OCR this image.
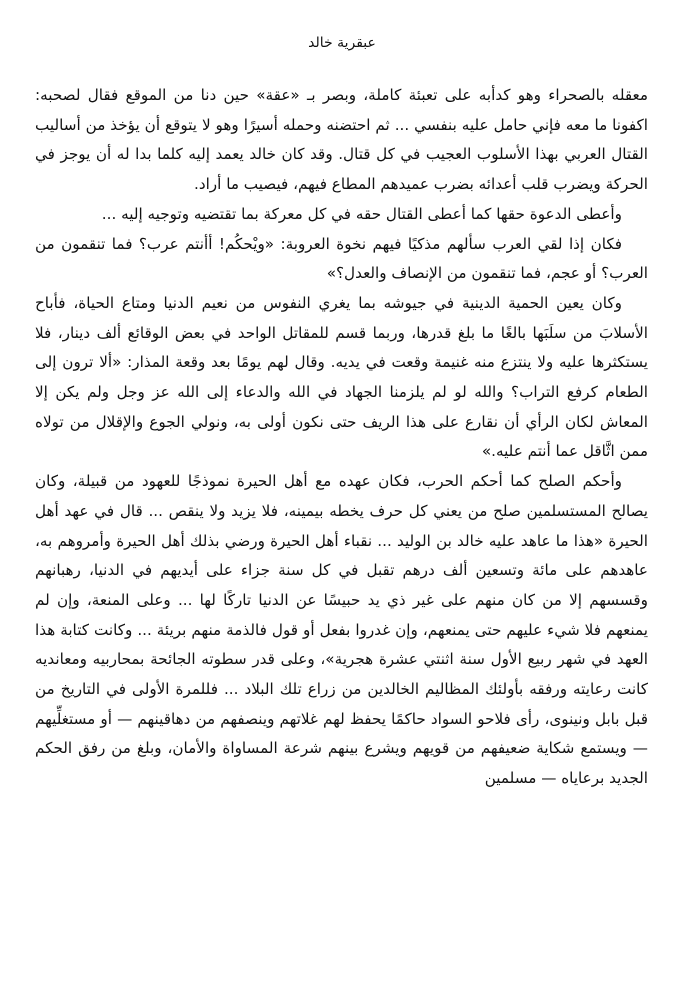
عبقرية خالد

معقله بالصحراء وهو كدأبه على تعبئة كاملة، وبصر بـ «عقة» حين دنا من الموقع فقال لصحبه: اكفونا ما معه فإني حامل عليه بنفسي ... ثم احتضنه وحمله أسيرًا وهو لا يتوقع أن يؤخذ من أساليب القتال العربي بهذا الأسلوب العجيب في كل قتال. وقد كان خالد يعمد إليه كلما بدا له أن يوجز في الحركة ويضرب قلب أعدائه بضرب عميدهم المطاع فيهم، فيصيب ما أراد.

وأعطى الدعوة حقها كما أعطى القتال حقه في كل معركة بما تقتضيه وتوجيه إليه ...

فكان إذا لقي العرب سألهم مذكيًا فيهم نخوة العروبة: «ويْحكُم! أأنتم عرب؟ فما تنقمون من العرب؟ أو عجم، فما تنقمون من الإنصاف والعدل؟»

وكان يعين الحمية الدينية في جيوشه بما يغري النفوس من نعيم الدنيا ومتاع الحياة، فأباح الأسلابَ من سلَبَها بالغًا ما بلغ قدرها، وربما قسم للمقاتل الواحد في بعض الوقائع ألف دينار، فلا يستكثرها عليه ولا ينتزع منه غنيمة وقعت في يديه. وقال لهم يومًا بعد وقعة المذار: «ألا ترون إلى الطعام كرفع التراب؟ والله لو لم يلزمنا الجهاد في الله والدعاء إلى الله عز وجل ولم يكن إلا المعاش لكان الرأي أن نقارع على هذا الريف حتى نكون أولى به، ونولي الجوع والإقلال من تولاه ممن اثَّاقل عما أنتم عليه.»

وأحكم الصلح كما أحكم الحرب، فكان عهده مع أهل الحيرة نموذجًا للعهود من قبيلة، وكان يصالح المستسلمين صلح من يعني كل حرف يخطه بيمينه، فلا يزيد ولا ينقص ... قال في عهد أهل الحيرة «هذا ما عاهد عليه خالد بن الوليد ... نقباء أهل الحيرة ورضي بذلك أهل الحيرة وأمروهم به، عاهدهم على مائة وتسعين ألف درهم تقبل في كل سنة جزاء على أيديهم في الدنيا، رهبانهم وقسسهم إلا من كان منهم على غير ذي يد حبيسًا عن الدنيا تاركًا لها ... وعلى المنعة، وإن لم يمنعهم فلا شيء عليهم حتى يمنعهم، وإن غدروا بفعل أو قول فالذمة منهم بريئة ... وكانت كتابة هذا العهد في شهر ربيع الأول سنة اثنتي عشرة هجرية»، وعلى قدر سطوته الجائحة بمحاربيه ومعانديه كانت رعايته ورفقه بأولئك المظاليم الخالدين من زراع تلك البلاد ... فللمرة الأولى في التاريخ من قبل بابل ونينوى، رأى فلاحو السواد حاكمًا يحفظ لهم غلاتهم وينصفهم من دهاقينهم — أو مستغلِّيهم — ويستمع شكاية ضعيفهم من قويهم ويشرع بينهم شرعة المساواة والأمان، وبلغ من رفق الحكم الجديد برعاياه — مسلمين
